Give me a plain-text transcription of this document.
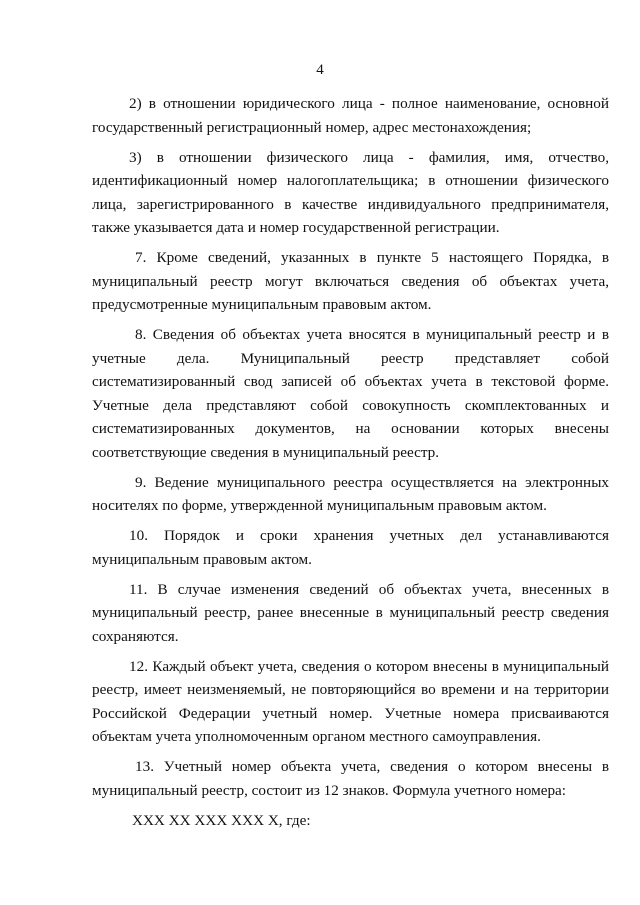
4
2) в отношении юридического лица - полное наименование, основной
государственный регистрационный номер, адрес местонахождения;
3) в отношении физического лица - фамилия, имя, отчество,
идентификационный номер налогоплательщика; в отношении физического
лица, зарегистрированного в качестве индивидуального предпринимателя,
также указывается дата и номер государственной регистрации.
7. Кроме сведений, указанных в пункте 5 настоящего Порядка, в
муниципальный реестр могут включаться сведения об объектах учета,
предусмотренные муниципальным правовым актом.
8. Сведения об объектах учета вносятся в муниципальный реестр и в
учетные дела. Муниципальный реестр представляет собой
систематизированный свод записей об объектах учета в текстовой форме.
Учетные дела представляют собой совокупность скомплектованных и
систематизированных документов, на основании которых внесены
соответствующие сведения в муниципальный реестр.
9. Ведение муниципального реестра осуществляется на электронных
носителях по форме, утвержденной муниципальным правовым актом.
10. Порядок и сроки хранения учетных дел устанавливаются
муниципальным правовым актом.
11. В случае изменения сведений об объектах учета, внесенных в
муниципальный реестр, ранее внесенные в муниципальный реестр сведения
сохраняются.
12. Каждый объект учета, сведения о котором внесены в муниципальный
реестр, имеет неизменяемый, не повторяющийся во времени и на территории
Российской Федерации учетный номер. Учетные номера присваиваются
объектам учета уполномоченным органом местного самоуправления.
13. Учетный номер объекта учета, сведения о котором внесены в
муниципальный реестр, состоит из 12 знаков. Формула учетного номера:
ХХХ ХХ ХХХ ХХХ Х, где:
